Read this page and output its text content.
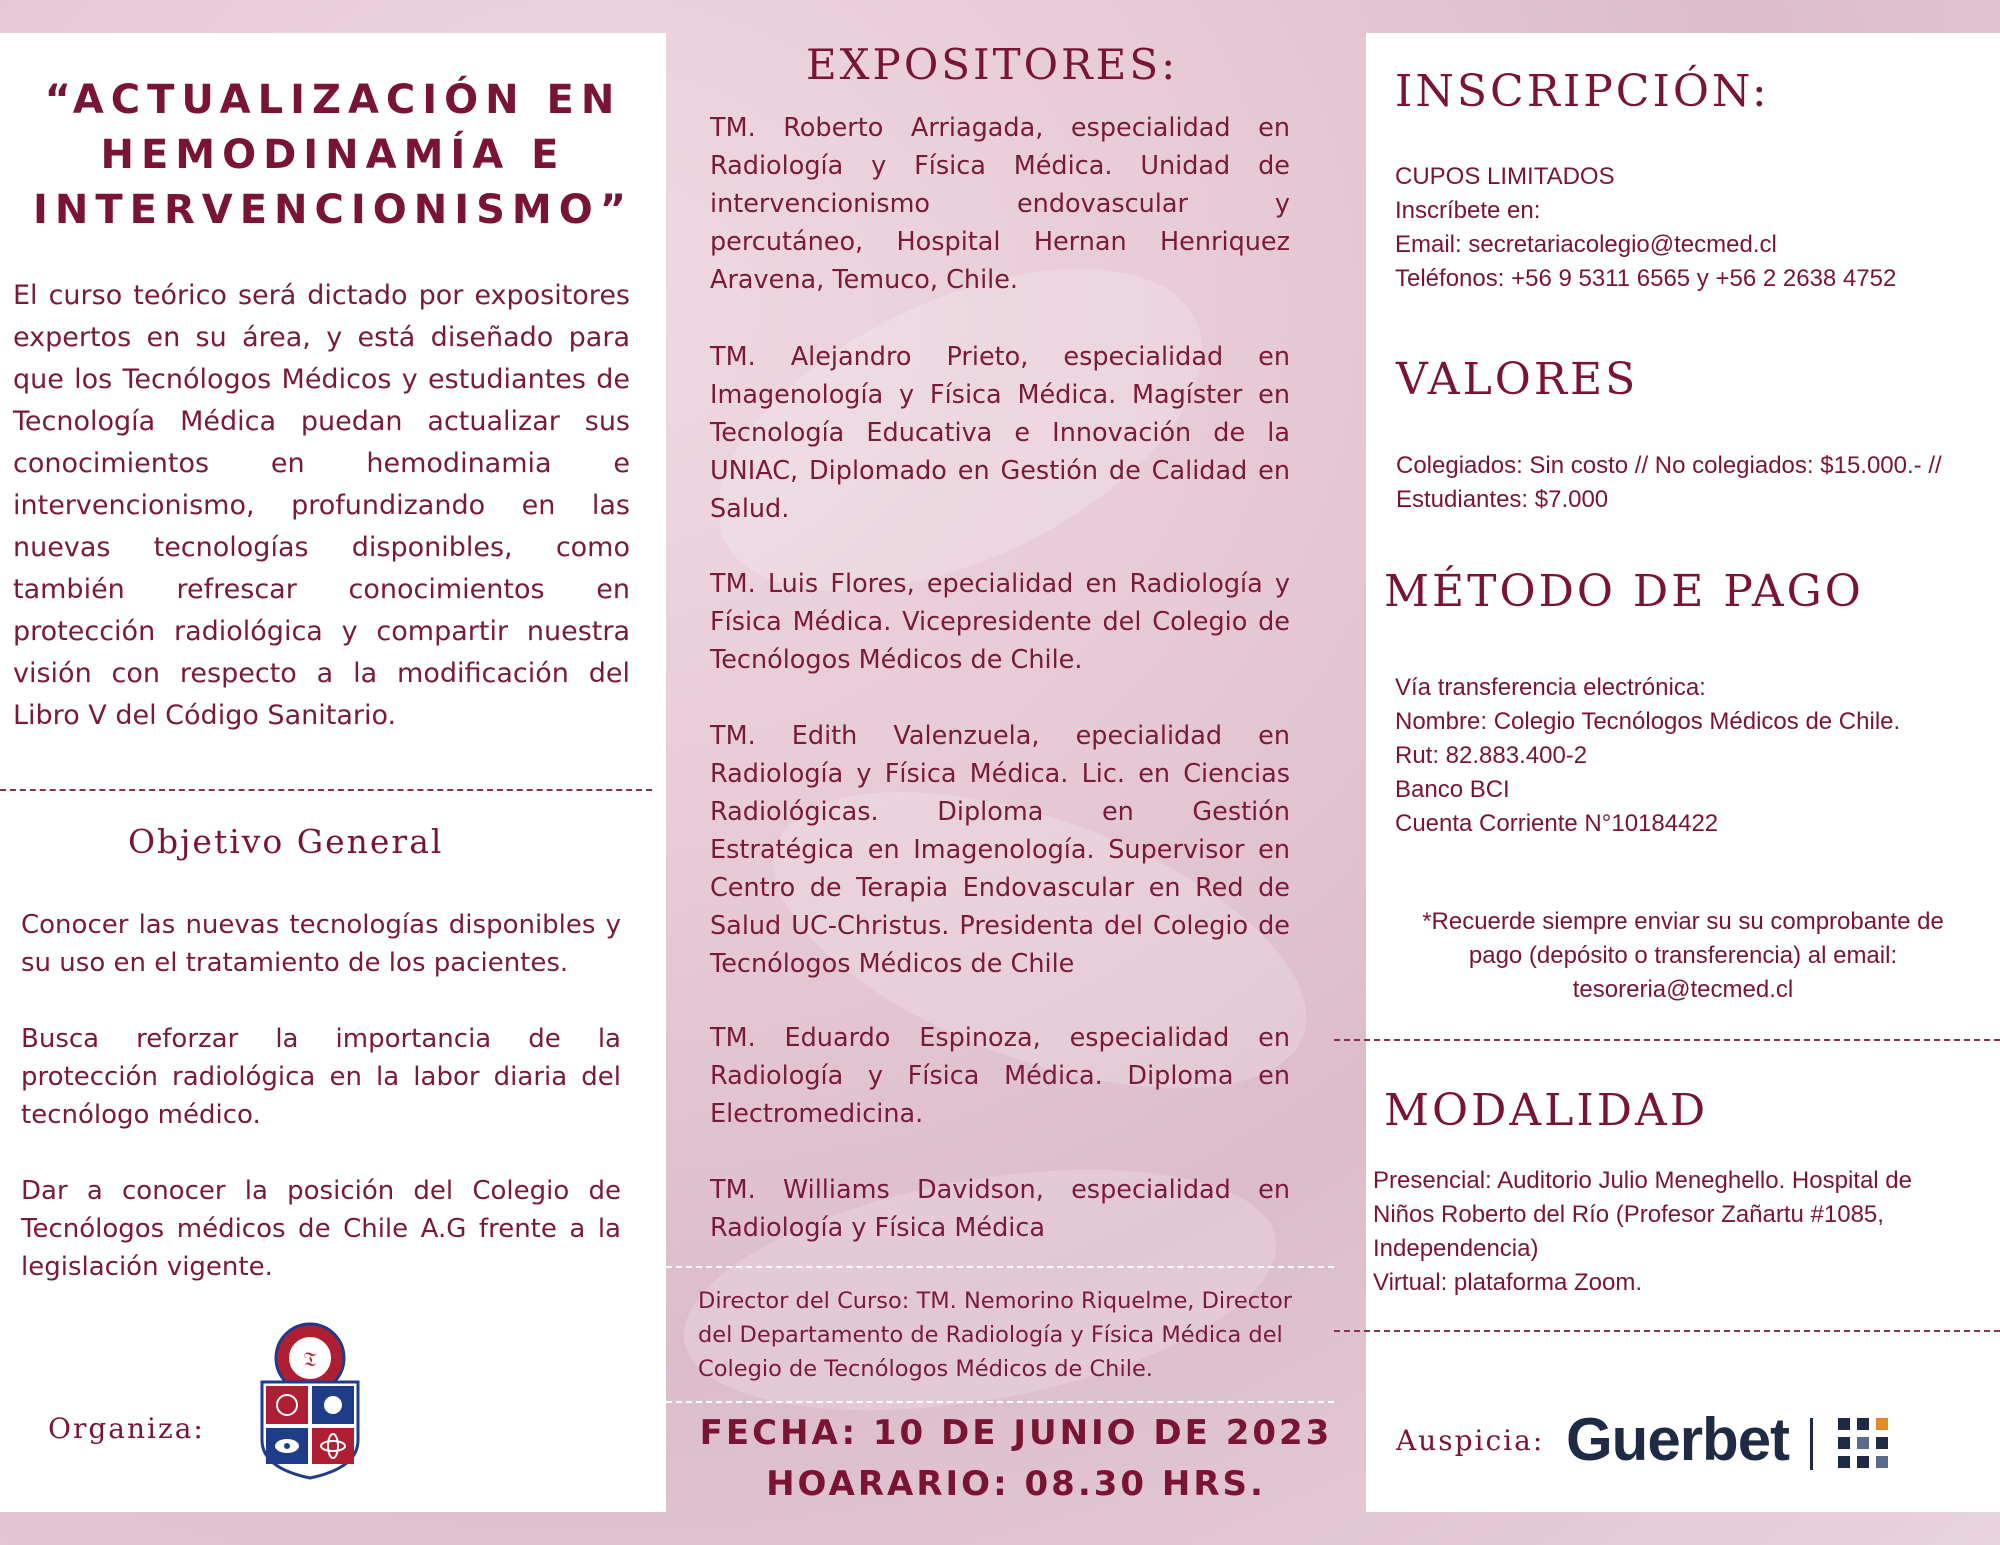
“ACTUALIZACIÓN EN
HEMODINAMÍA E
INTERVENCIONISMO”
El curso teórico será dictado por expositores expertos en su área, y está diseñado para que los Tecnólogos Médicos y estudiantes de Tecnología Médica puedan actualizar sus conocimientos en hemodinamia e intervencionismo, profundizando en las nuevas tecnologías disponibles, como también refrescar conocimientos en protección radiológica y compartir nuestra visión con respecto a la modificación del Libro V del Código Sanitario.
Objetivo General
Conocer las nuevas tecnologías disponibles y su uso en el tratamiento de los pacientes.
Busca reforzar la importancia de la protección radiológica en la labor diaria del tecnólogo médico.
Dar a conocer la posición del Colegio de Tecnólogos médicos de Chile A.G frente a la legislación vigente.
Organiza:
𝔗
EXPOSITORES:
TM. Roberto Arriagada, especialidad en Radiología y Física Médica. Unidad de intervencionismo endovascular y percutáneo, Hospital Hernan Henriquez Aravena, Temuco, Chile.
TM. Alejandro Prieto, especialidad en Imagenología y Física Médica. Magíster en Tecnología Educativa e Innovación de la UNIAC, Diplomado en Gestión de Calidad en Salud.
TM. Luis Flores, epecialidad en Radiología y Física Médica. Vicepresidente del Colegio de Tecnólogos Médicos de Chile.
TM. Edith Valenzuela, epecialidad en Radiología y Física Médica. Lic. en Ciencias Radiológicas. Diploma en Gestión Estratégica en Imagenología. Supervisor en Centro de Terapia Endovascular en Red de Salud UC-Christus. Presidenta del Colegio de Tecnólogos Médicos de Chile
TM. Eduardo Espinoza, especialidad en Radiología y Física Médica. Diploma en Electromedicina.
TM. Williams Davidson, especialidad en Radiología y Física Médica
Director del Curso: TM. Nemorino Riquelme, Director del Departamento de Radiología y Física Médica del Colegio de Tecnólogos Médicos de Chile.
FECHA: 10 DE JUNIO DE 2023
HOARARIO: 08.30 HRS.
INSCRIPCIÓN:
CUPOS LIMITADOS
Inscríbete en:
Email: secretariacolegio@tecmed.cl
Teléfonos: +56 9 5311 6565 y +56 2 2638 4752
VALORES
Colegiados: Sin costo // No colegiados: $15.000.- //
Estudiantes: $7.000
MÉTODO DE PAGO
Vía transferencia electrónica:
Nombre: Colegio Tecnólogos Médicos de Chile.
Rut: 82.883.400-2
Banco BCI
Cuenta Corriente N°10184422
*Recuerde siempre enviar su su comprobante de
pago (depósito o transferencia) al email:
tesoreria@tecmed.cl
MODALIDAD
Presencial: Auditorio Julio Meneghello. Hospital de
Niños Roberto del Río (Profesor Zañartu #1085,
Independencia)
Virtual: plataforma Zoom.
Auspicia: Guerbet
